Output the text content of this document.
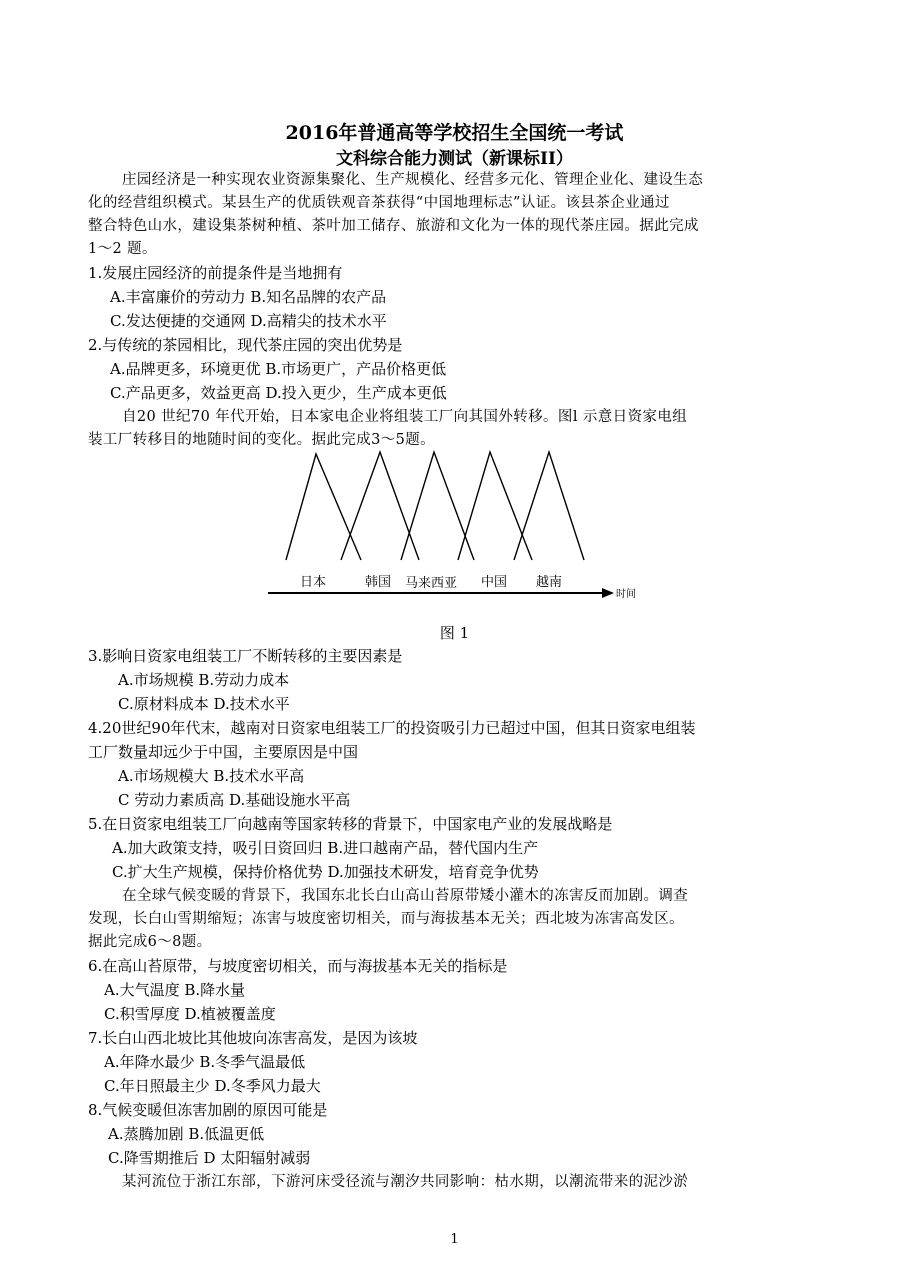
2016年普通高等学校招生全国统一考试
文科综合能力测试（新课标II）
庄园经济是一种实现农业资源集聚化、生产规模化、经营多元化、管理企业化、建设生态
化的经营组织模式。某县生产的优质铁观音茶获得“中国地理标志”认证。该县茶企业通过
整合特色山水，建设集茶树种植、茶叶加工储存、旅游和文化为一体的现代茶庄园。据此完成
1～2 题。
1.发展庄园经济的前提条件是当地拥有
A.丰富廉价的劳动力 B.知名品牌的农产品
C.发达便捷的交通网 D.高精尖的技术水平
2.与传统的茶园相比，现代茶庄园的突出优势是
A.品牌更多，环境更优 B.市场更广，产品价格更低
C.产品更多，效益更高 D.投入更少，生产成本更低
自20 世纪70 年代开始，日本家电企业将组装工厂向其国外转移。图l 示意日资家电组
装工厂转移目的地随时间的变化。据此完成3～5题。
日本	韩国 马来西亚 中国 越南
时间
图 1
3.影响日资家电组装工厂不断转移的主要因素是
A.市场规模 B.劳动力成本
C.原材料成本 D.技术水平
4.20世纪90年代末，越南对日资家电组装工厂的投资吸引力已超过中国，但其日资家电组装
工厂数量却远少于中国，主要原因是中国
A.市场规模大 B.技术水平高
C 劳动力素质高 D.基础设施水平高
5.在日资家电组装工厂向越南等国家转移的背景下，中国家电产业的发展战略是
A.加大政策支持，吸引日资回归 B.进口越南产品，替代国内生产
C.扩大生产规模，保持价格优势 D.加强技术研发，培育竞争优势
在全球气候变暖的背景下，我国东北长白山高山苔原带矮小灌木的冻害反而加剧。调查
发现，长白山雪期缩短；冻害与坡度密切相关，而与海拔基本无关；西北坡为冻害高发区。
据此完成6～8题。
6.在高山苔原带，与坡度密切相关，而与海拔基本无关的指标是
A.大气温度 B.降水量
C.积雪厚度 D.植被覆盖度
7.长白山西北坡比其他坡向冻害高发，是因为该坡
A.年降水最少 B.冬季气温最低
C.年日照最主少 D.冬季风力最大
8.气候变暖但冻害加剧的原因可能是
A.蒸腾加剧 B.低温更低
C.降雪期推后 D 太阳辐射减弱
某河流位于浙江东部，下游河床受径流与潮汐共同影响：枯水期，以潮流带来的泥沙淤
1
